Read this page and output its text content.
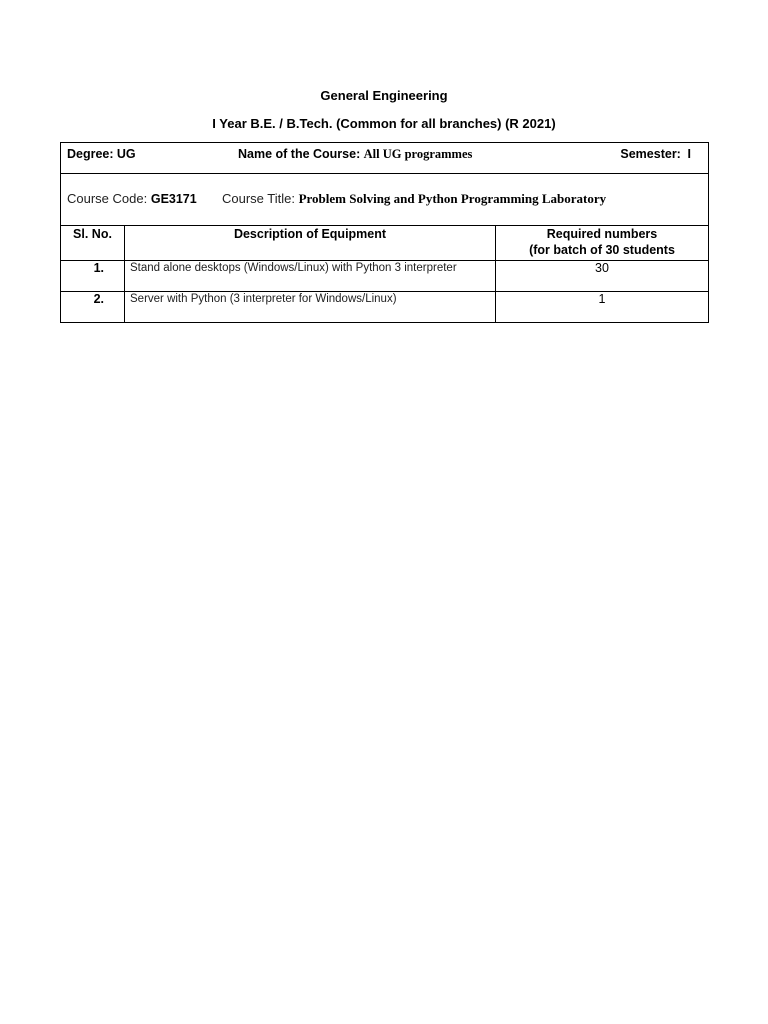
General Engineering
I Year B.E. / B.Tech. (Common for all branches) (R 2021)
Degree: UG Name of the Course: All UG programmes Semester: I		

Course Code: GE3171 Course Title: Problem Solving and Python Programming Laboratory		

Sl. No.	Description of Equipment	Required numbers
(for batch of 30 students

1.	Stand alone desktops (Windows/Linux) with Python 3 interpreter	30
2.	Server with Python (3 interpreter for Windows/Linux)	1
